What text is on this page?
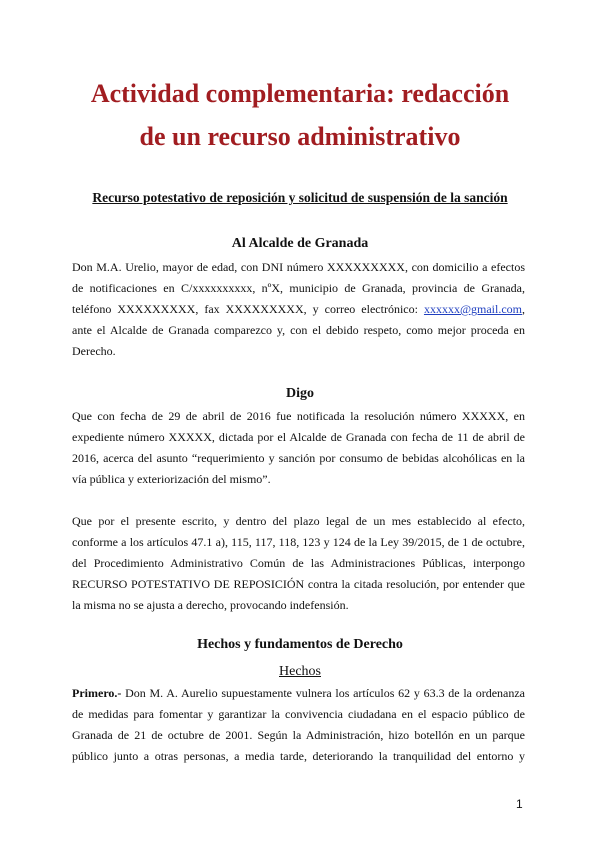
Actividad complementaria: redacción
de un recurso administrativo
Recurso potestativo de reposición y solicitud de suspensión de la sanción
Al Alcalde de Granada
Don M.A. Urelio, mayor de edad, con DNI número XXXXXXXXX, con domicilio a efectos
de notificaciones en C/xxxxxxxxxx, nºX, municipio de Granada, provincia de Granada,
teléfono XXXXXXXXX, fax XXXXXXXXX, y correo electrónico: xxxxxx@gmail.com,
ante el Alcalde de Granada comparezco y, con el debido respeto, como mejor proceda en
Derecho.
Digo
Que con fecha de 29 de abril de 2016 fue notificada la resolución número XXXXX, en
expediente número XXXXX, dictada por el Alcalde de Granada con fecha de 11 de abril de
2016, acerca del asunto “requerimiento y sanción por consumo de bebidas alcohólicas en la
vía pública y exteriorización del mismo”.
Que por el presente escrito, y dentro del plazo legal de un mes establecido al efecto,
conforme a los artículos 47.1 a), 115, 117, 118, 123 y 124 de la Ley 39/2015, de 1 de octubre,
del Procedimiento Administrativo Común de las Administraciones Públicas, interpongo
RECURSO POTESTATIVO DE REPOSICIÓN contra la citada resolución, por entender que
la misma no se ajusta a derecho, provocando indefensión.
Hechos y fundamentos de Derecho
Hechos
Primero.- Don M. A. Aurelio supuestamente vulnera los artículos 62 y 63.3 de la ordenanza
de medidas para fomentar y garantizar la convivencia ciudadana en el espacio público de
Granada de 21 de octubre de 2001. Según la Administración, hizo botellón en un parque
público junto a otras personas, a media tarde, deteriorando la tranquilidad del entorno y
1
